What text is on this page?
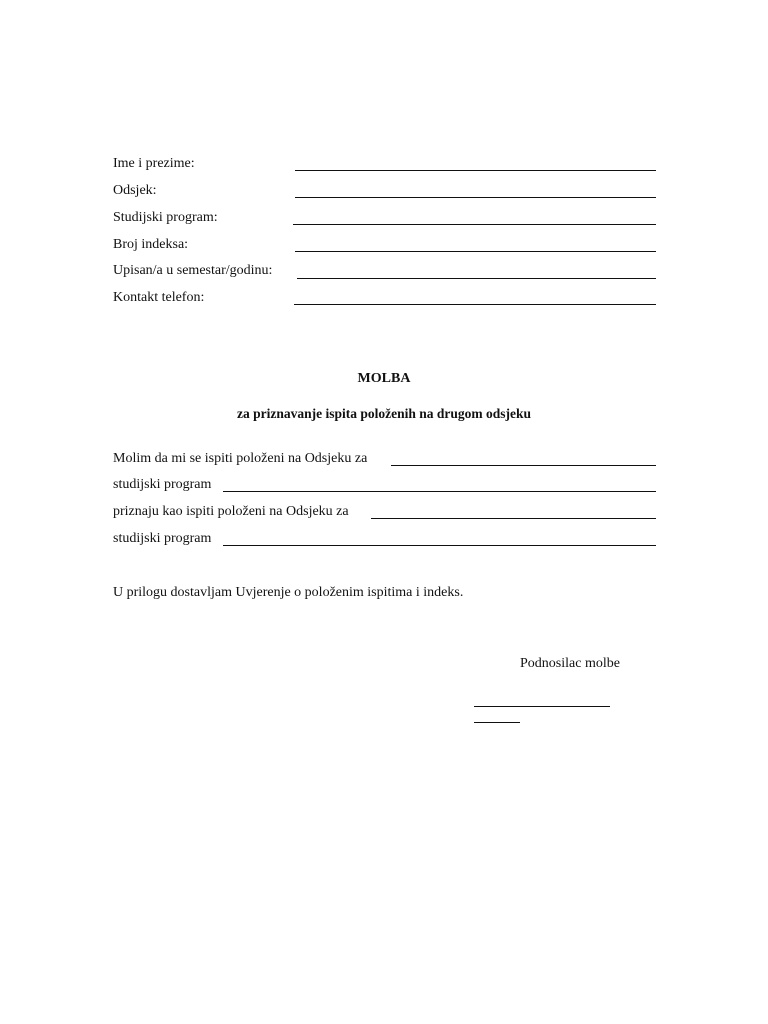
Ime i prezime:
Odsjek:
Studijski program:
Broj indeksa:
Upisan/a u semestar/godinu:
Kontakt telefon:
MOLBA
za priznavanje ispita položenih na drugom odsjeku
Molim da mi se ispiti položeni na Odsjeku za
studijski program
priznaju kao ispiti položeni na Odsjeku za
studijski program
U prilogu dostavljam Uvjerenje o položenim ispitima i indeks.
Podnosilac molbe
